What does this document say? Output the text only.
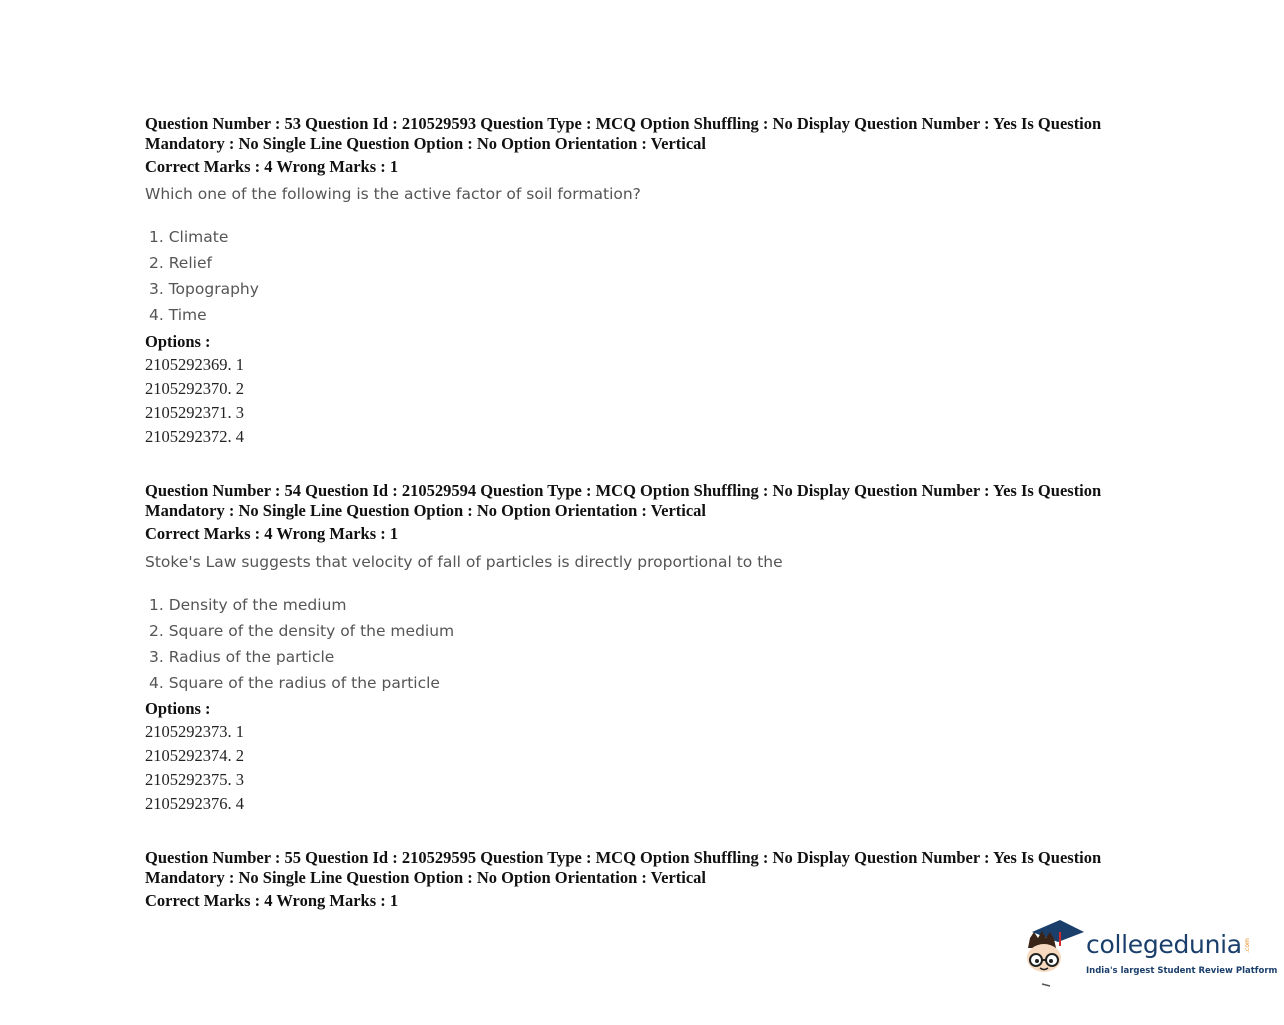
Question Number : 53 Question Id : 210529593 Question Type : MCQ Option Shuffling : No Display Question Number : Yes Is Question
Mandatory : No Single Line Question Option : No Option Orientation : Vertical
Correct Marks : 4 Wrong Marks : 1
Which one of the following is the active factor of soil formation?
1. Climate
2. Relief
3. Topography
4. Time
Options :
2105292369. 1
2105292370. 2
2105292371. 3
2105292372. 4
Question Number : 54 Question Id : 210529594 Question Type : MCQ Option Shuffling : No Display Question Number : Yes Is Question
Mandatory : No Single Line Question Option : No Option Orientation : Vertical
Correct Marks : 4 Wrong Marks : 1
Stoke's Law suggests that velocity of fall of particles is directly proportional to the
1. Density of the medium
2. Square of the density of the medium
3. Radius of the particle
4. Square of the radius of the particle
Options :
2105292373. 1
2105292374. 2
2105292375. 3
2105292376. 4
Question Number : 55 Question Id : 210529595 Question Type : MCQ Option Shuffling : No Display Question Number : Yes Is Question
Mandatory : No Single Line Question Option : No Option Orientation : Vertical
Correct Marks : 4 Wrong Marks : 1
collegedunia .com
India's largest Student Review Platform
